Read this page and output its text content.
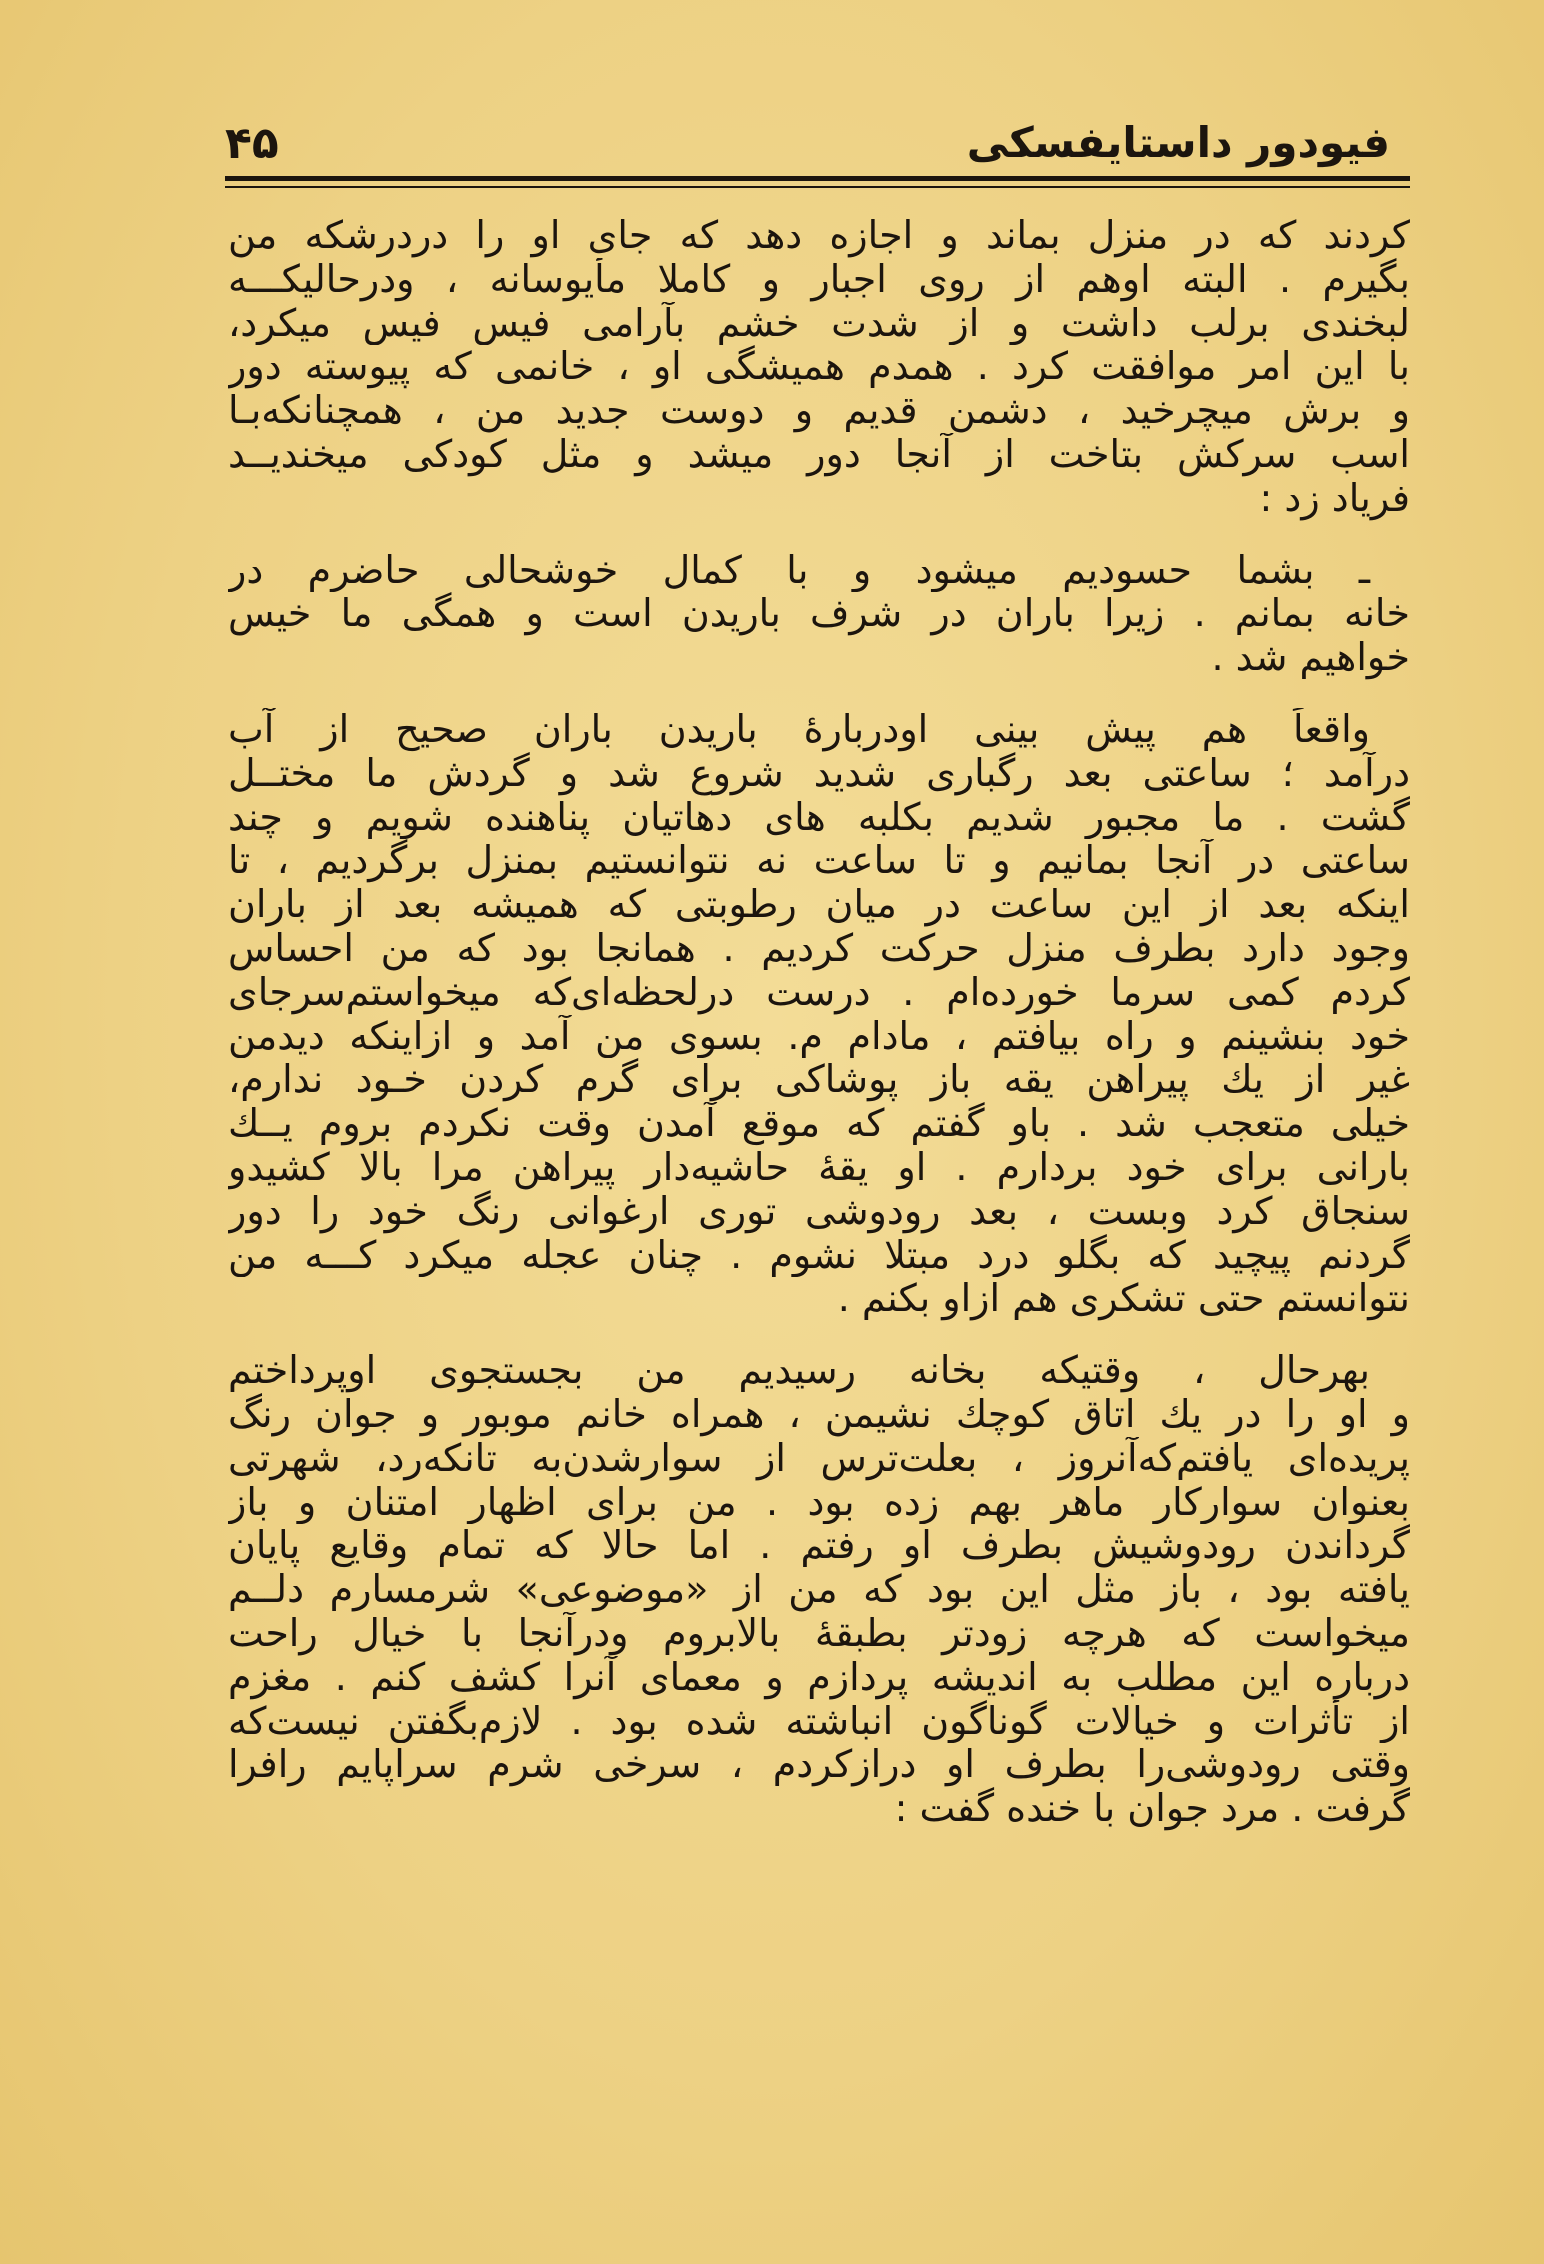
۴۵	فیودور داستایفسکی
کردند که در منزل بماند و اجازه دهد که جای او را دردرشکه من
بگیرم . البته اوهم از روی اجبار و کاملا مأیوسانه ، ودرحالیکـــه
لبخندی برلب داشت و از شدت خشم بآرامی فیس فیس میکرد،
با این امر موافقت کرد . همدم همیشگی او ، خانمی که پیوسته دور
و برش میچرخید ، دشمن قدیم و دوست جدید من ، همچنانکه‌بـا
اسب سرکش بتاخت از آنجا دور میشد و مثل کودکی میخندیــد
فریاد زد :
ـ بشما حسودیم میشود و با کمال خوشحالی حاضرم در
خانه بمانم . زیرا باران در شرف باریدن است و همگی ما خیس
خواهیم شد .
واقعاً هم پیش بینی اودربارهٔ باریدن باران صحیح از آب
درآمد ؛ ساعتی بعد رگباری شدید شروع شد و گردش ما مختــل
گشت . ما مجبور شدیم بکلبه های دهاتیان پناهنده شویم و چند
ساعتی در آنجا بمانیم و تا ساعت نه نتوانستیم بمنزل برگردیم ، تا
اینکه بعد از این ساعت در میان رطوبتی که همیشه بعد از باران
وجود دارد بطرف منزل حرکت کردیم . همانجا بود که من احساس
کردم کمی سرما خورده‌ام . درست درلحظه‌ای‌که میخواستم‌سرجای
خود بنشینم و راه بیافتم ، مادام م. بسوی من آمد و ازاینکه دیدمن
غیر از یك پیراهن یقه باز پوشاکی برای گرم کردن خـود ندارم،
خیلی متعجب شد . باو گفتم که موقع آمدن وقت نکردم بروم یــك
بارانی برای خود بردارم . او یقهٔ حاشیه‌دار پیراهن مرا بالا کشیدو
سنجاق کرد وبست ، بعد رودوشی توری ارغوانی رنگ خود را دور
گردنم پیچید که بگلو درد مبتلا نشوم . چنان عجله میکرد کـــه من
نتوانستم حتی تشکری هم ازاو بکنم .
بهرحال ، وقتیکه بخانه رسیدیم من بجستجوی اوپرداختم
و او را در یك اتاق کوچك نشیمن ، همراه خانم موبور و جوان رنگ
پریده‌ای یافتم‌که‌آنروز ، بعلت‌ترس از سوارشدن‌به تانکه‌رد، شهرتی
بعنوان سوارکار ماهر بهم زده بود . من برای اظهار امتنان و باز
گرداندن رودوشیش بطرف او رفتم . اما حالا که تمام وقایع پایان
یافته بود ، باز مثل این بود که من از «موضوعی» شرمسارم دلــم
میخواست که هرچه زودتر بطبقهٔ بالابروم ودرآنجا با خیال راحت
درباره این مطلب به اندیشه پردازم و معمای آنرا کشف کنم . مغزم
از تأثرات و خیالات گوناگون انباشته شده بود . لازم‌بگفتن نیست‌که
وقتی رودوشی‌را بطرف او درازکردم ، سرخی شرم سراپایم رافرا
گرفت . مرد جوان با خنده گفت :
